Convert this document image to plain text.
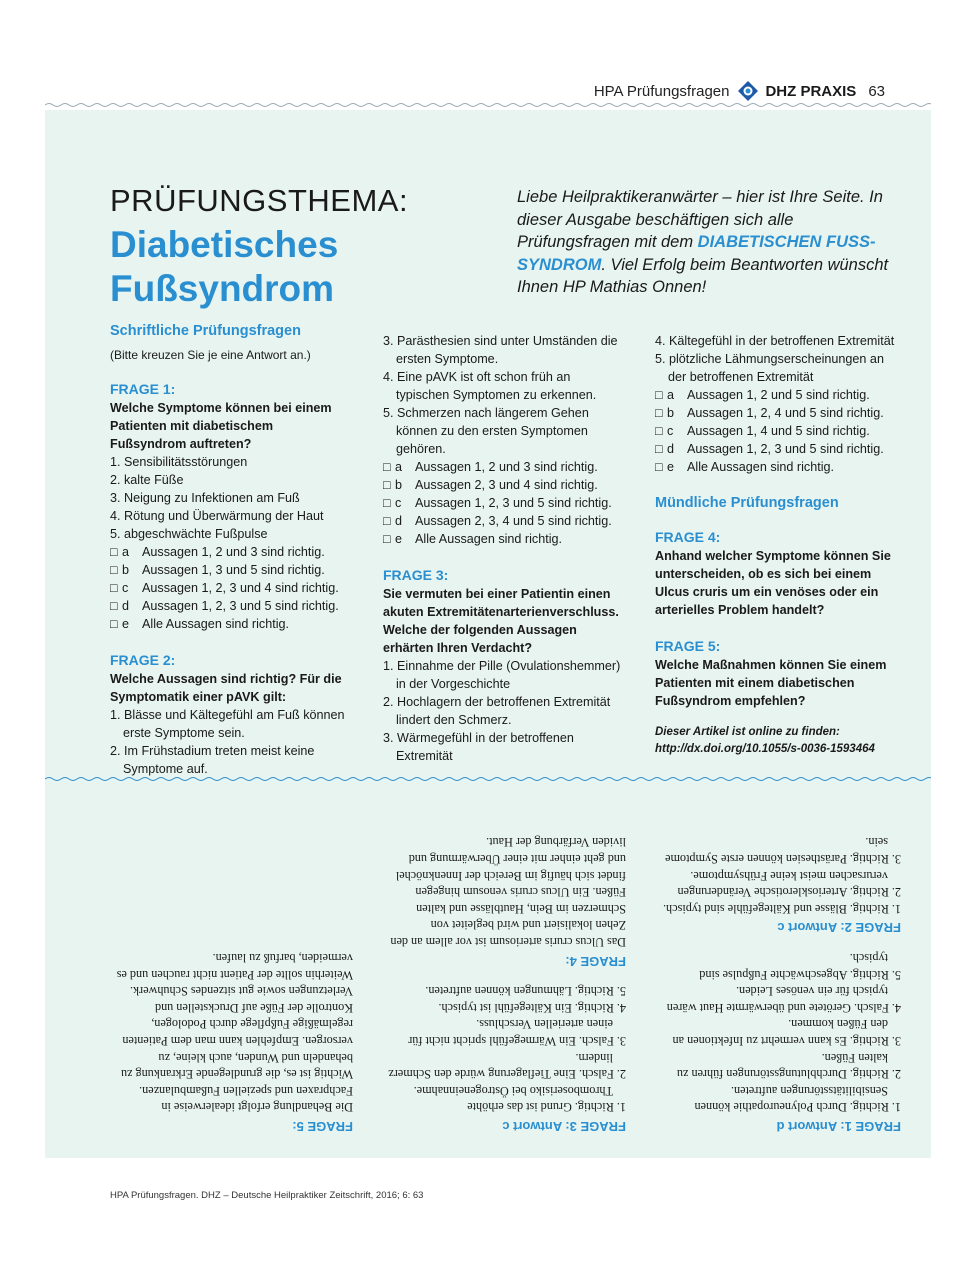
HPA Prüfungsfragen DHZ PRAXIS 63
PRÜFUNGSTHEMA:
Diabetisches
Fußsyndrom
Liebe Heilpraktikeranwärter – hier ist Ihre Seite. In dieser Ausgabe beschäftigen sich alle Prüfungsfragen mit dem DIABETISCHEN FUSS-SYNDROM. Viel Erfolg beim Beantworten wünscht Ihnen HP Mathias Onnen!
Schriftliche Prüfungsfragen
(Bitte kreuzen Sie je eine Antwort an.)
FRAGE 1:
Welche Symptome können bei einem Patienten mit diabetischem Fußsyndrom auftreten?
1. Sensibilitätsstörungen
2. kalte Füße
3. Neigung zu Infektionen am Fuß
4. Rötung und Überwärmung der Haut
5. abgeschwächte Fußpulse
□ a	Aussagen 1, 2 und 3 sind richtig.
□ b	Aussagen 1, 3 und 5 sind richtig.
□ c	Aussagen 1, 2, 3 und 4 sind richtig.
□ d	Aussagen 1, 2, 3 und 5 sind richtig.
□ e	Alle Aussagen sind richtig.
FRAGE 2:
Welche Aussagen sind richtig? Für die Symptomatik einer pAVK gilt:
1. Blässe und Kältegefühl am Fuß können erste Symptome sein.
2. Im Frühstadium treten meist keine Symptome auf.
3. Parästhesien sind unter Umständen die ersten Symptome.
4. Eine pAVK ist oft schon früh an typischen Symptomen zu erkennen.
5. Schmerzen nach längerem Gehen können zu den ersten Symptomen gehören.
□ a	Aussagen 1, 2 und 3 sind richtig.
□ b	Aussagen 2, 3 und 4 sind richtig.
□ c	Aussagen 1, 2, 3 und 5 sind richtig.
□ d	Aussagen 2, 3, 4 und 5 sind richtig.
□ e	Alle Aussagen sind richtig.
FRAGE 3:
Sie vermuten bei einer Patientin einen akuten Extremitätenarterienverschluss. Welche der folgenden Aussagen erhärten Ihren Verdacht?
1. Einnahme der Pille (Ovulationshemmer) in der Vorgeschichte
2. Hochlagern der betroffenen Extremität lindert den Schmerz.
3. Wärmegefühl in der betroffenen Extremität
4. Kältegefühl in der betroffenen Extremität
5. plötzliche Lähmungserscheinungen an der betroffenen Extremität
□ a	Aussagen 1, 2 und 5 sind richtig.
□ b	Aussagen 1, 2, 4 und 5 sind richtig.
□ c	Aussagen 1, 4 und 5 sind richtig.
□ d	Aussagen 1, 2, 3 und 5 sind richtig.
□ e	Alle Aussagen sind richtig.
Mündliche Prüfungsfragen
FRAGE 4:
Anhand welcher Symptome können Sie unterscheiden, ob es sich bei einem Ulcus cruris um ein venöses oder ein arterielles Problem handelt?
FRAGE 5:
Welche Maßnahmen können Sie einem Patienten mit einem diabetischen Fußsyndrom empfehlen?
Dieser Artikel ist online zu finden:
http://dx.doi.org/10.1055/s-0036-1593464
FRAGE 1: Antwort d
1. Richtig. Durch Polyneuropathie können Sensibilitätsstörungen auftreten.
2. Richtig. Durchblutungsstörungen führen zu kalten Füßen.
3. Richtig. Es kann vermehrt zu Infektionen an den Füßen kommen.
4. Falsch. Gerötete und überwärmte Haut wären typisch für ein venöses Leiden.
5. Richtig. Abgeschwächte Fußpulse sind typisch.
FRAGE 2: Antwort c
1. Richtig. Blässe und Kältegefühle sind typisch.
2. Richtig. Arteriosklerotische Veränderungen verursachen meist keine Frühsymptome.
3. Richtig. Parästhesien können erste Symptome sein.
FRAGE 3: Antwort c
1. Richtig. Grund ist das erhöhte Thromboserisiko bei Östrogeneinnahme.
2. Falsch. Eine Tieflagerung würde den Schmerz lindern.
3. Falsch. Ein Wärmegefühl spricht nicht für einen arteriellen Verschluss.
4. Richtig. Ein Kältegefühl ist typisch.
5. Richtig. Lähmungen können auftreten.
FRAGE 4:
Das Ulcus cruris arteriosum ist vor allem an den Zehen lokalisiert und wird begleitet von Schmerzen im Bein, Hautblässe und kalten Füßen. Ein Ulcus cruris venosum hingegen findet sich häufig im Bereich der Innenknöchel und geht einher mit einer Überwärmung und lividen Verfärbung der Haut.
FRAGE 5:
Die Behandlung erfolgt idealerweise in Fachpraxen und speziellen Fußambulanzen. Wichtig ist es, die grundlegende Erkrankung zu behandeln und Wunden, auch kleine, zu versorgen. Empfehlen kann man dem Patienten regelmäßige Fußpflege durch Podologen, Kontrolle der Füße auf Druckstellen und Verletzungen sowie gut sitzendes Schuhwerk. Weiterhin sollte der Patient nicht rauchen und es vermeiden, barfuß zu laufen.
HPA Prüfungsfragen. DHZ – Deutsche Heilpraktiker Zeitschrift, 2016; 6: 63
